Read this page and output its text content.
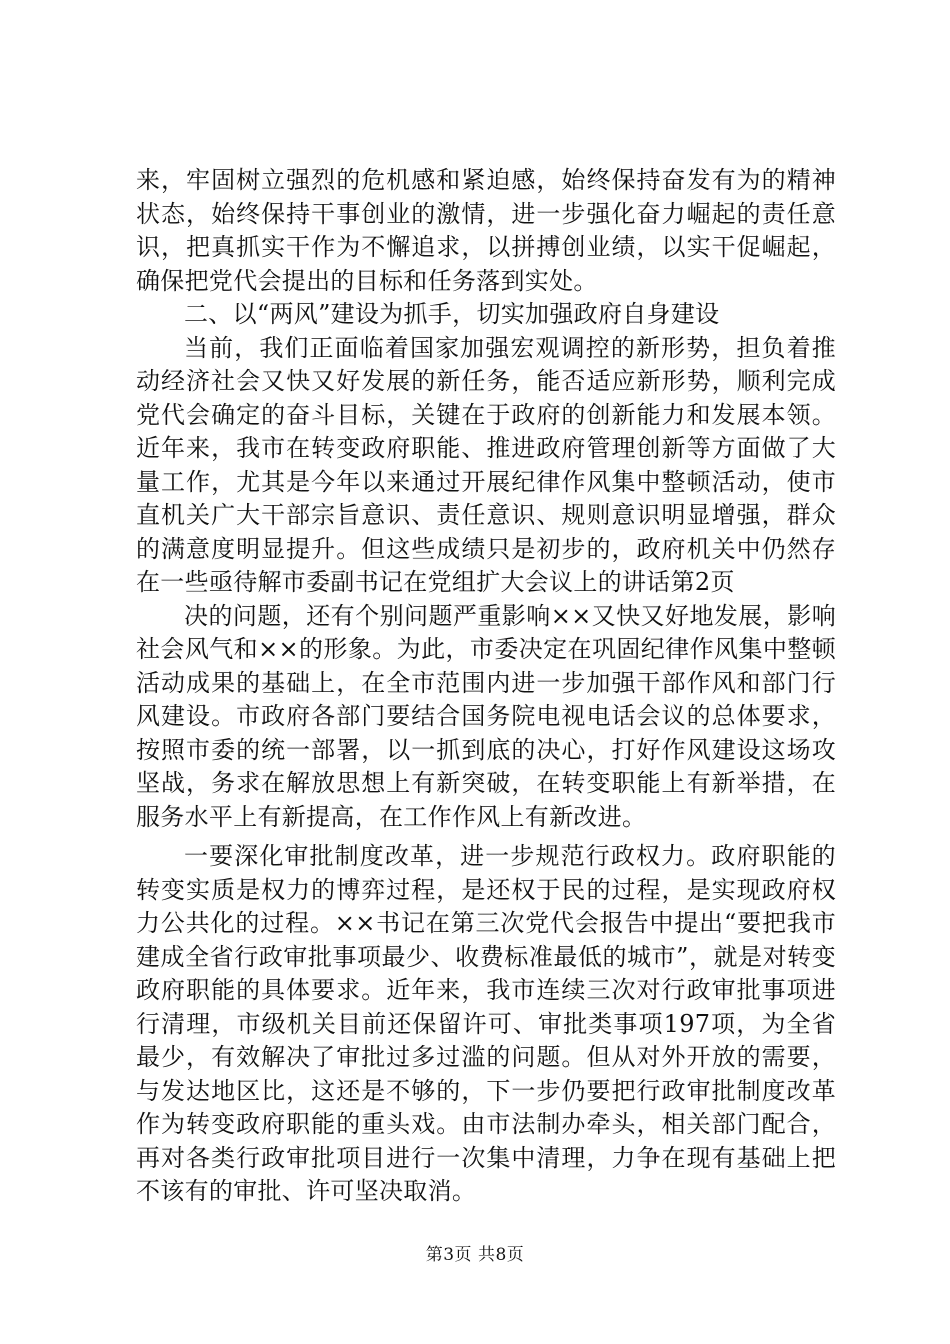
来，牢固树立强烈的危机感和紧迫感，始终保持奋发有为的精神状态，始终保持干事创业的激情，进一步强化奋力崛起的责任意识，把真抓实干作为不懈追求，以拼搏创业绩，以实干促崛起，确保把党代会提出的目标和任务落到实处。

二、以“两风”建设为抓手，切实加强政府自身建设

当前，我们正面临着国家加强宏观调控的新形势，担负着推动经济社会又快又好发展的新任务，能否适应新形势，顺利完成党代会确定的奋斗目标，关键在于政府的创新能力和发展本领。近年来，我市在转变政府职能、推进政府管理创新等方面做了大量工作，尤其是今年以来通过开展纪律作风集中整顿活动，使市直机关广大干部宗旨意识、责任意识、规则意识明显增强，群众的满意度明显提升。但这些成绩只是初步的，政府机关中仍然存在一些亟待解市委副书记在党组扩大会议上的讲话第2页

决的问题，还有个别问题严重影响××又快又好地发展，影响社会风气和××的形象。为此，市委决定在巩固纪律作风集中整顿活动成果的基础上，在全市范围内进一步加强干部作风和部门行风建设。市政府各部门要结合国务院电视电话会议的总体要求，按照市委的统一部署，以一抓到底的决心，打好作风建设这场攻坚战，务求在解放思想上有新突破，在转变职能上有新举措，在服务水平上有新提高，在工作作风上有新改进。

一要深化审批制度改革，进一步规范行政权力。政府职能的转变实质是权力的博弈过程，是还权于民的过程，是实现政府权力公共化的过程。××书记在第三次党代会报告中提出“要把我市建成全省行政审批事项最少、收费标准最低的城市”，就是对转变政府职能的具体要求。近年来，我市连续三次对行政审批事项进行清理，市级机关目前还保留许可、审批类事项197项，为全省最少，有效解决了审批过多过滥的问题。但从对外开放的需要，与发达地区比，这还是不够的，下一步仍要把行政审批制度改革作为转变政府职能的重头戏。由市法制办牵头，相关部门配合，再对各类行政审批项目进行一次集中清理，力争在现有基础上把不该有的审批、许可坚决取消。

第3页 共8页
